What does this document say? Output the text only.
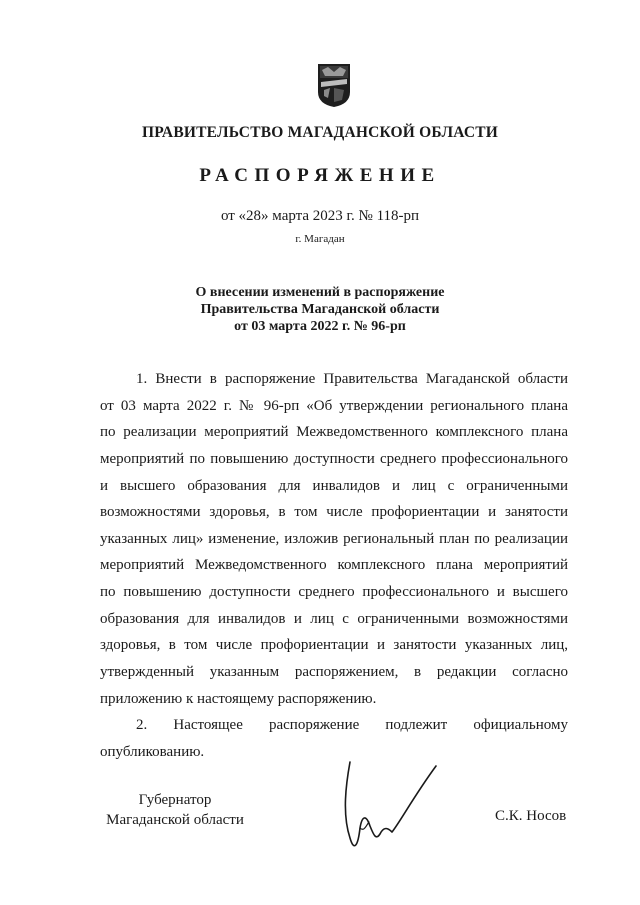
ПРАВИТЕЛЬСТВО МАГАДАНСКОЙ ОБЛАСТИ
РАСПОРЯЖЕНИЕ
от «28» марта 2023 г. № 118-рп
г. Магадан
О внесении изменений в распоряжение
Правительства Магаданской области
от 03 марта 2022 г. № 96-рп
1. Внести в распоряжение Правительства Магаданской области
от 03 марта 2022 г. № 96-рп «Об утверждении регионального плана
по реализации мероприятий Межведомственного комплексного плана
мероприятий по повышению доступности среднего профессионального
и высшего образования для инвалидов и лиц с ограниченными
возможностями здоровья, в том числе профориентации и занятости
указанных лиц» изменение, изложив региональный план по реализации
мероприятий Межведомственного комплексного плана мероприятий
по повышению доступности среднего профессионального и высшего
образования для инвалидов и лиц с ограниченными возможностями
здоровья, в том числе профориентации и занятости указанных лиц,
утвержденный указанным распоряжением, в редакции согласно
приложению к настоящему распоряжению.
2. Настоящее распоряжение подлежит официальному
опубликованию.
Губернатор
Магаданской области	С.К. Носов
